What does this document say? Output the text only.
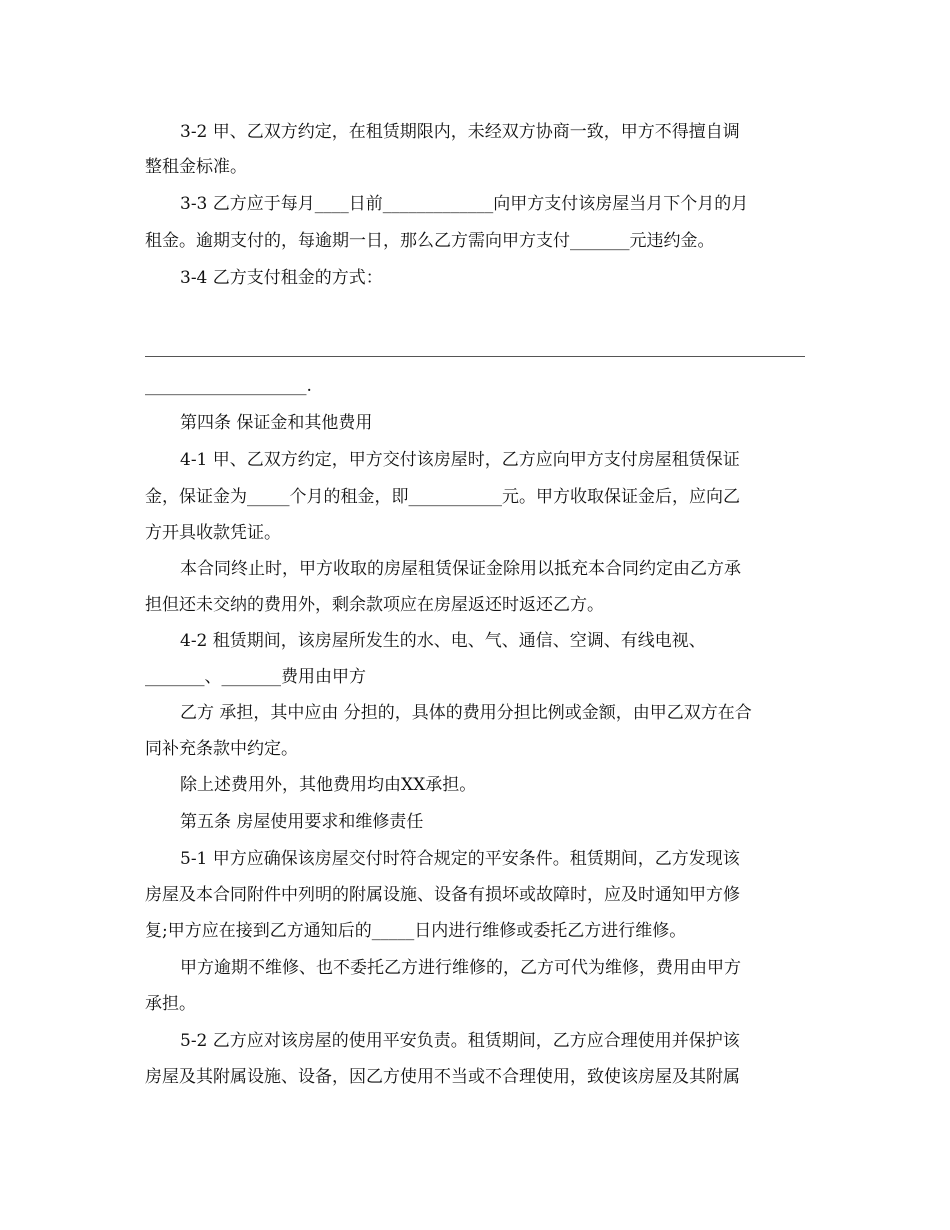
3-2 甲、乙双方约定，在租赁期限内，未经双方协商一致，甲方不得擅自调
整租金标准。
3-3 乙方应于每月____日前_____________向甲方支付该房屋当月下个月的月
租金。逾期支付的，每逾期一日，那么乙方需向甲方支付_______元违约金。
3-4 乙方支付租金的方式：
___________________.
第四条 保证金和其他费用
4-1 甲、乙双方约定，甲方交付该房屋时，乙方应向甲方支付房屋租赁保证
金，保证金为_____个月的租金，即___________元。甲方收取保证金后，应向乙
方开具收款凭证。
本合同终止时，甲方收取的房屋租赁保证金除用以抵充本合同约定由乙方承
担但还未交纳的费用外，剩余款项应在房屋返还时返还乙方。
4-2 租赁期间，该房屋所发生的水、电、气、通信、空调、有线电视、
_______、_______费用由甲方
乙方 承担，其中应由 分担的，具体的费用分担比例或金额，由甲乙双方在合
同补充条款中约定。
除上述费用外，其他费用均由XX承担。
第五条 房屋使用要求和维修责任
5-1 甲方应确保该房屋交付时符合规定的平安条件。租赁期间，乙方发现该
房屋及本合同附件中列明的附属设施、设备有损坏或故障时，应及时通知甲方修
复;甲方应在接到乙方通知后的_____日内进行维修或委托乙方进行维修。
甲方逾期不维修、也不委托乙方进行维修的，乙方可代为维修，费用由甲方
承担。
5-2 乙方应对该房屋的使用平安负责。租赁期间，乙方应合理使用并保护该
房屋及其附属设施、设备，因乙方使用不当或不合理使用，致使该房屋及其附属
